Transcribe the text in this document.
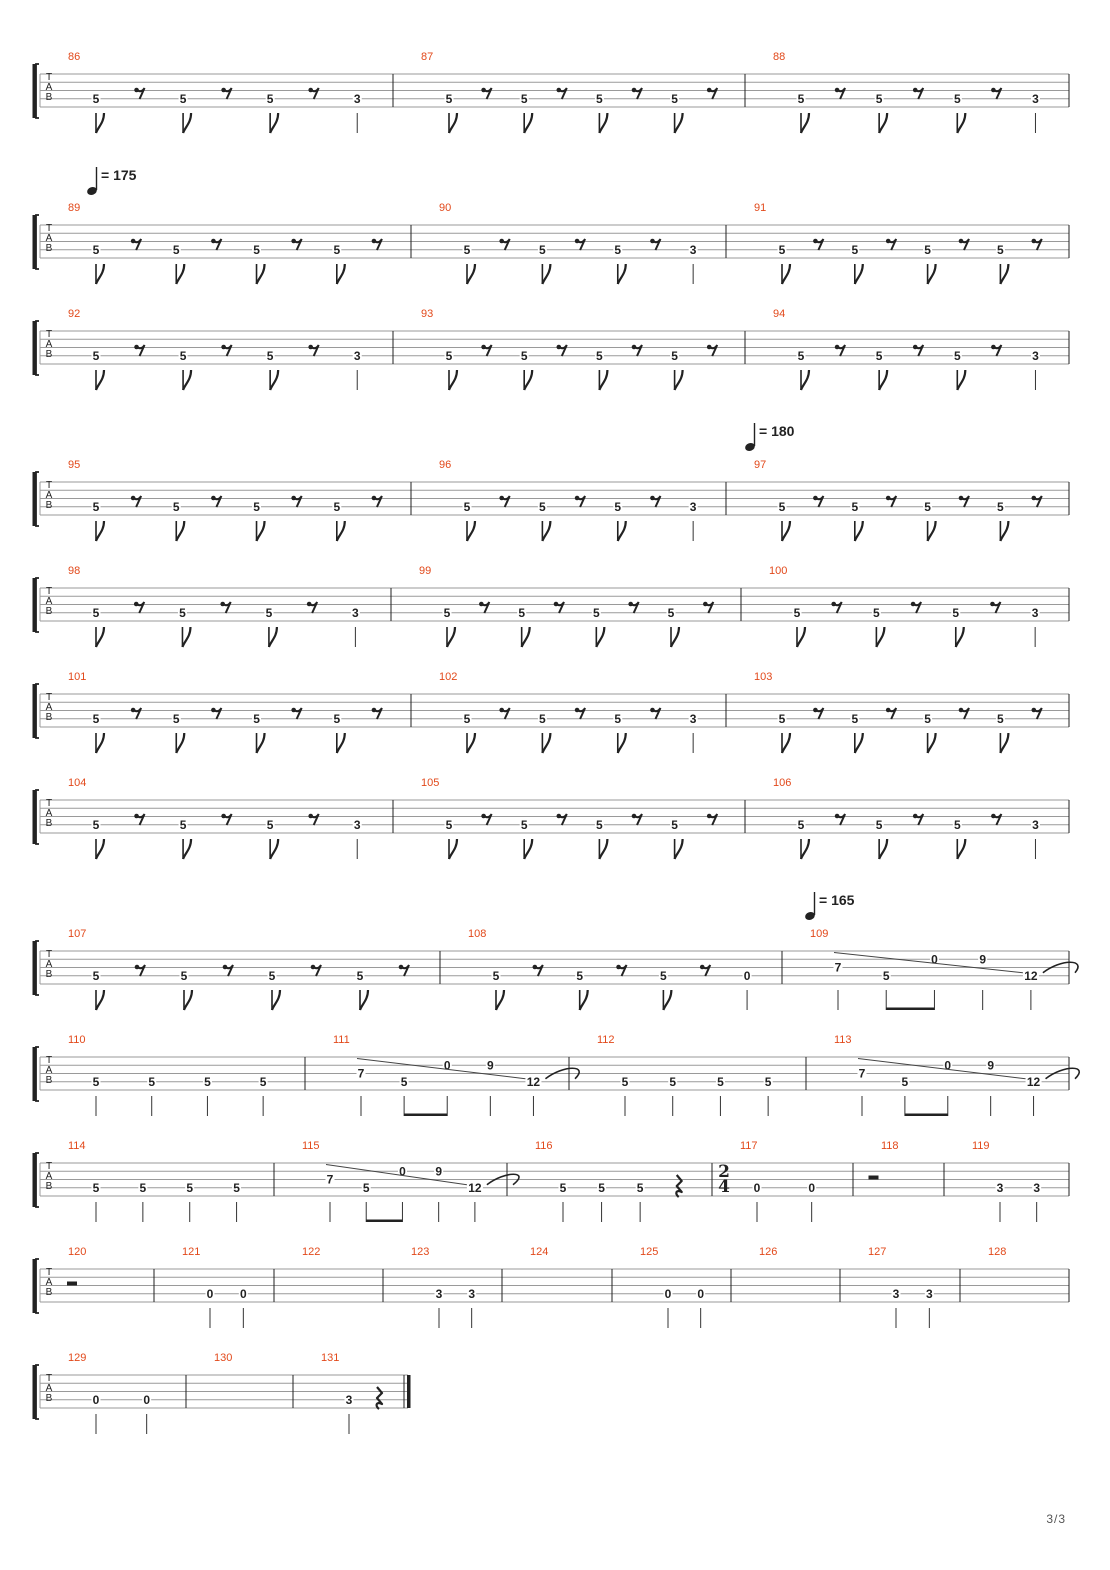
T
A
B
86
5	5	5	3
87
5	5	5	5
88
5	5	5	3
T
A
B
89
5	5	5	5
90
5	5	5	3
91
5	5	5	5
T
A
B
92
5	5	5	3
93
5	5	5	5
94
5	5	5	3
T
A
B
95
5	5	5	5
96
5	5	5	3
97
5	5	5	5
T
A
B
98
5	5	5	3
99
5	5	5	5
100
5	5	5	3
T
A
B
101
5	5	5	5
102
5	5	5	3
103
5	5	5	5
T
A
B
104
5	5	5	3
105
5	5	5	5
106
5	5	5	3
T
A
B
107
5	5	5	5
108
5	5	5	0
109
7
5
0	9
12
T
A
B
110
5	5	5	5
111
7
5
0	9
12
112
5	5	5	5
113
7
5
0	9
12
T
A
B
114
5	5	5	5
115
7
5
0 9
12
116
5	5	5
117
2
4 0	0
118	119
3 3
T
A
B
120	121
0 0
122	123
3 3
124	125
0 0
126	127
3 3
128
T
A
B
129
0	0
130	131
3
= 175
= 180
= 165
3/3
